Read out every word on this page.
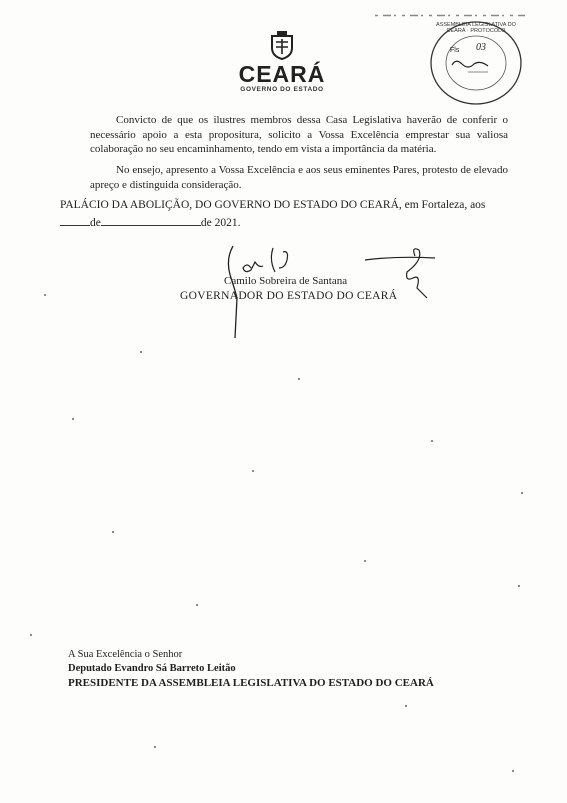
CEARÁ
GOVERNO DO ESTADO
ASSEMBLEIA LEGISLATIVA DO CEARÁ · PROTOCOLO
Fls 03
Convicto de que os ilustres membros dessa Casa Legislativa haverão de conferir o necessário apoio a esta propositura, solicito a Vossa Excelência emprestar sua valiosa colaboração no seu encaminhamento, tendo em vista a importância da matéria.
No ensejo, apresento a Vossa Excelência e aos seus eminentes Pares, protesto de elevado apreço e distinguida consideração.
PALÁCIO DA ABOLIÇÃO, DO GOVERNO DO ESTADO DO CEARÁ, em Fortaleza, aos
de	de 2021.
Camilo Sobreira de Santana
GOVERNADOR DO ESTADO DO CEARÁ
A Sua Excelência o Senhor
Deputado Evandro Sá Barreto Leitão
PRESIDENTE DA ASSEMBLEIA LEGISLATIVA DO ESTADO DO CEARÁ
